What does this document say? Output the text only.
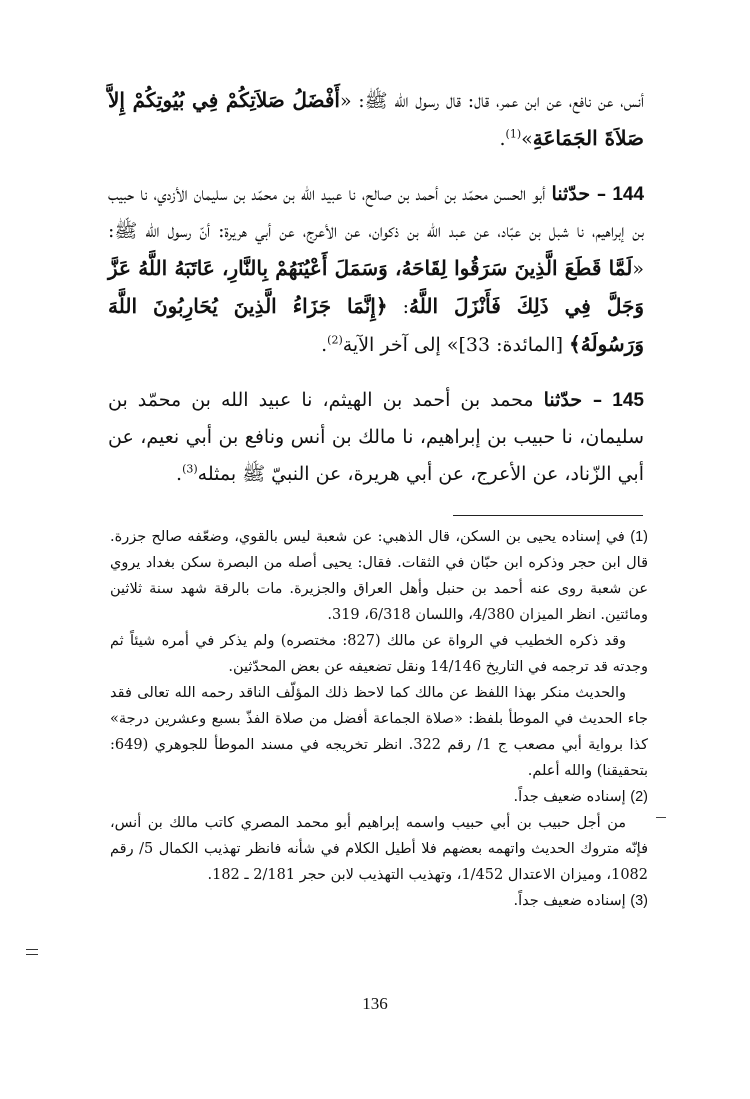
أنس، عن نافع، عن ابن عمر، قال: قال رسول الله ﷺ: «أَفْضَلُ صَلاَتِكُمْ فِي بُيُوتِكُمْ إِلاَّ صَلاَةَ الجَمَاعَةِ»$^{(1)}$.

144 – حدّثنا أبو الحسن محمّد بن أحمد بن صالح، نا عبيد الله بن محمّد بن سليمان الأزدي، نا حبيب بن إبراهيم، نا شبل بن عبّاد، عن عبد الله بن ذكوان، عن الأعرج، عن أبي هريرة: أنّ رسول الله ﷺ: «لَمَّا قَطَعَ الَّذِينَ سَرَقُوا لِقَاحَهُ، وَسَمَلَ أَعْيُنَهُمْ بِالنَّارِ، عَاتَبَهُ اللَّهُ عَزَّ وَجَلَّ فِي ذَلِكَ فَأَنْزَلَ اللَّهُ: ﴿إِنَّمَا جَزَاءُ الَّذِينَ يُحَارِبُونَ اللَّهَ وَرَسُولَهُ﴾ [المائدة: 33]» إلى آخر الآية$^{(2)}$.

145 – حدّثنا محمد بن أحمد بن الهيثم، نا عبيد الله بن محمّد بن سليمان، نا حبيب بن إبراهيم، نا مالك بن أنس ونافع بن أبي نعيم، عن أبي الزّناد، عن الأعرج، عن أبي هريرة، عن النبيّ ﷺ بمثله$^{(3)}$.

(1) في إسناده يحيى بن السكن، قال الذهبي: عن شعبة ليس بالقوي، وضعّفه صالح جزرة. قال ابن حجر وذكره ابن حبّان في الثقات. فقال: يحيى أصله من البصرة سكن بغداد يروي عن شعبة روى عنه أحمد بن حنبل وأهل العراق والجزيرة. مات بالرقة شهد سنة ثلاثين ومائتين. انظر الميزان 4/380، واللسان 6/318، 319.

وقد ذكره الخطيب في الرواة عن مالك (827: مختصره) ولم يذكر في أمره شيئاً ثم وجدته قد ترجمه في التاريخ 14/146 ونقل تضعيفه عن بعض المحدّثين.

والحديث منكر بهذا اللفظ عن مالك كما لاحظ ذلك المؤلّف الناقد رحمه الله تعالى فقد جاء الحديث في الموطأ بلفظ: «صلاة الجماعة أفضل من صلاة الفذّ بسبع وعشرين درجة» كذا برواية أبي مصعب ج 1/ رقم 322. انظر تخريجه في مسند الموطأ للجوهري (649: بتحقيقنا) والله أعلم.

(2) إسناده ضعيف جداً.

من أجل حبيب بن أبي حبيب واسمه إبراهيم أبو محمد المصري كاتب مالك بن أنس، فإنّه متروك الحديث واتهمه بعضهم فلا أطيل الكلام في شأنه فانظر تهذيب الكمال 5/ رقم 1082، وميزان الاعتدال 1/452، وتهذيب التهذيب لابن حجر 2/181 ـ 182.

(3) إسناده ضعيف جداً.

136
